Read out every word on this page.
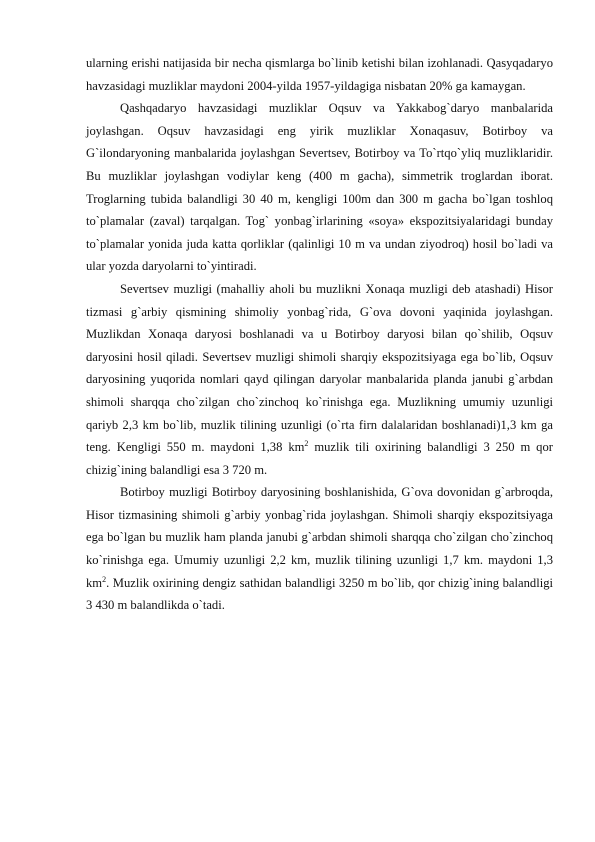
ularning erishi natijasida bir necha qismlarga bo`linib ketishi bilan izohlanadi. Qasyqadaryo havzasidagi muzliklar maydoni 2004-yilda 1957-yildagiga nisbatan 20% ga kamaygan.

Qashqadaryo havzasidagi muzliklar Oqsuv va Yakkabog`daryo manbalarida joylashgan. Oqsuv havzasidagi eng yirik muzliklar Xonaqasuv, Botirboy va G`ilondaryoning manbalarida joylashgan Severtsev, Botirboy va To`rtqo`yliq muzliklaridir. Bu muzliklar joylashgan vodiylar keng (400 m gacha), simmetrik troglardan iborat. Troglarning tubida balandligi 30 40 m, kengligi 100m dan 300 m gacha bo`lgan toshloq to`plamalar (zaval) tarqalgan. Tog` yonbag`irlarining «soya» ekspozitsiyalaridagi bunday to`plamalar yonida juda katta qorliklar (qalinligi 10 m va undan ziyodroq) hosil bo`ladi va ular yozda daryolarni to`yintiradi.

Severtsev muzligi (mahalliy aholi bu muzlikni Xonaqa muzligi deb atashadi) Hisor tizmasi g`arbiy qismining shimoliy yonbag`rida, G`ova dovoni yaqinida joylashgan. Muzlikdan Xonaqa daryosi boshlanadi va u Botirboy daryosi bilan qo`shilib, Oqsuv daryosini hosil qiladi. Severtsev muzligi shimoli sharqiy ekspozitsiyaga ega bo`lib, Oqsuv daryosining yuqorida nomlari qayd qilingan daryolar manbalarida planda janubi g`arbdan shimoli sharqqa cho`zilgan cho`zinchoq ko`rinishga ega. Muzlikning umumiy uzunligi qariyb 2,3 km bo`lib, muzlik tilining uzunligi (o`rta firn dalalaridan boshlanadi)1,3 km ga teng. Kengligi 550 m. maydoni 1,38 $km^2$ muzlik tili oxirining balandligi 3 250 m qor chizig`ining balandligi esa 3 720 m.

Botirboy muzligi Botirboy daryosining boshlanishida, G`ova dovonidan g`arbroqda, Hisor tizmasining shimoli g`arbiy yonbag`rida joylashgan. Shimoli sharqiy ekspozitsiyaga ega bo`lgan bu muzlik ham planda janubi g`arbdan shimoli sharqqa cho`zilgan cho`zinchoq ko`rinishga ega. Umumiy uzunligi 2,2 km, muzlik tilining uzunligi 1,7 km. maydoni 1,3 $km^2$. Muzlik oxirining dengiz sathidan balandligi 3250 m bo`lib, qor chizig`ining balandligi 3 430 m balandlikda o`tadi.
